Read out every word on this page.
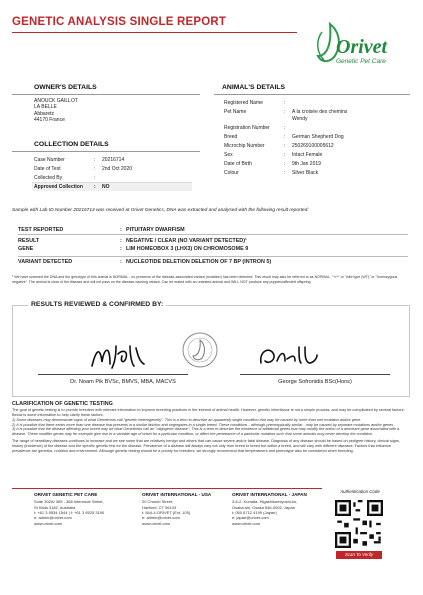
GENETIC ANALYSIS SINGLE REPORT
Orivet
Genetic Pet Care
OWNER'S DETAILS
ANOUCK GAILLOT
LA BELLE
Abbaretz
44170 France
COLLECTION DETAILS
Case Number	:	20216714
Date of Test	:	2nd Oct 2020
Collected By	:
Approved Collection	:	NO
ANIMAL'S DETAILS
Registered Name	:
Pet Name	:	A la croisée des chemins
Wendy
Registration Number	:
Breed	:	German Shepherd Dog
Microchip Number	:	250269100005612
Sex	:	Intact Female
Date of Birth	:	9th Jan 2019
Colour	:	Silver Black
Sample with Lab ID Number 20216714 was received at Orivet Genetics, DNA was extracted and analysed with the following result reported:
TEST REPORTED	: PITUITARY DWARFISM
RESULT	: NEGATIVE / CLEAR (NO VARIANT DETECTED)¹
GENE	: LIM HOMEOBOX 3 (LHX3) ON CHROMOSOME 9
VARIANT DETECTED	: NUCLEOTIDE DELETION DELETION OF 7 BP (INTRON 5)
¹ We have scanned the DNA and the genotype of this animal is NORMAL - no presence of the disease-associated variant (mutation) has been detected. This result may also be referred to as NORMAL, "+/+" or "wild type (WT)" or "homozygous negative". The animal is clear of the disease and will not pass on the disease-causing variant. Can be mated with an untested animal and WILL NOT produce any puppies/affected offspring.
RESULTS REVIEWED & CONFIRMED BY:
Dr. Noam Pik BVSc, BMVS, MBA, MACVS	George Sofronidis BSc(Hons)
CLARIFICATION OF GENETIC TESTING
The goal of genetic testing is to provide breeders with relevant information to improve breeding practices in the interest of animal health. However, genetic inheritance is not a simple process, and may be complicated by several factors. Below is some information to help clarify these factors.
1) Some diseases may demonstrate signs of what Geneticists call "genetic heterogeneity". This is a term to describe an apparently single condition that may be caused by more than one mutation and/or gene.
2) It is possible that there exists more than one disease that presents in a similar fashion and segregates in a single breed. These conditions - although phenotypically similar - may be caused by separate mutations and/or genes.
3) It is possible that the disease affecting your breed may be what Geneticists call an "oligogenic disease". This is a term to describe the existence of additional genes that may modify the action of a dominant gene associated with a disease. These modifier genes may for example give rise to a variable age of onset for a particular condition, or affect the penetrance of a particular mutation such that some animals may never develop the condition.
The range of hereditary diseases continues to increase and we see some that are relatively benign and others that can cause severe and/or fatal disease. Diagnosis of any disease should be based on pedigree history, clinical signs, history (incidence) of the disease and the specific genetic test for the disease. Prevalence of a disease will always vary not only from breed to breed but within a breed, and will vary with different diseases. Factors that influence prevalence are genetics, nutrition and environment. Although genetic testing should be a priority for breeders, we strongly recommend that temperament and phenotype also be considered when breeding.
ORIVET GENETIC PET CARE
Suite 302A/ 365 - 368 Internode Street,
St Kilda 3182, Australia
t: +61 3 9534 1544 | f: +61 3 9525 3190
e: admin@orivet.com
www.orivet.com
ORIVET INTERNATIONAL - USA
20 Church Street,
Hartford, CT 06103
t: 844-4-ORIVET (Ext. 105)
e: admin@orivet.com
www.orivet.com
ORIVET INTERNATIONAL - JAPAN
3-6-2, Kumata, Higashisumiyoshi-ku,
Osaka-shi, Osaka 546-0002, Japan
t: 050 6712 4199 (Japan)
e: japan@orivet.com
www.orivet.com
Authentication Code
Scan To Verify
